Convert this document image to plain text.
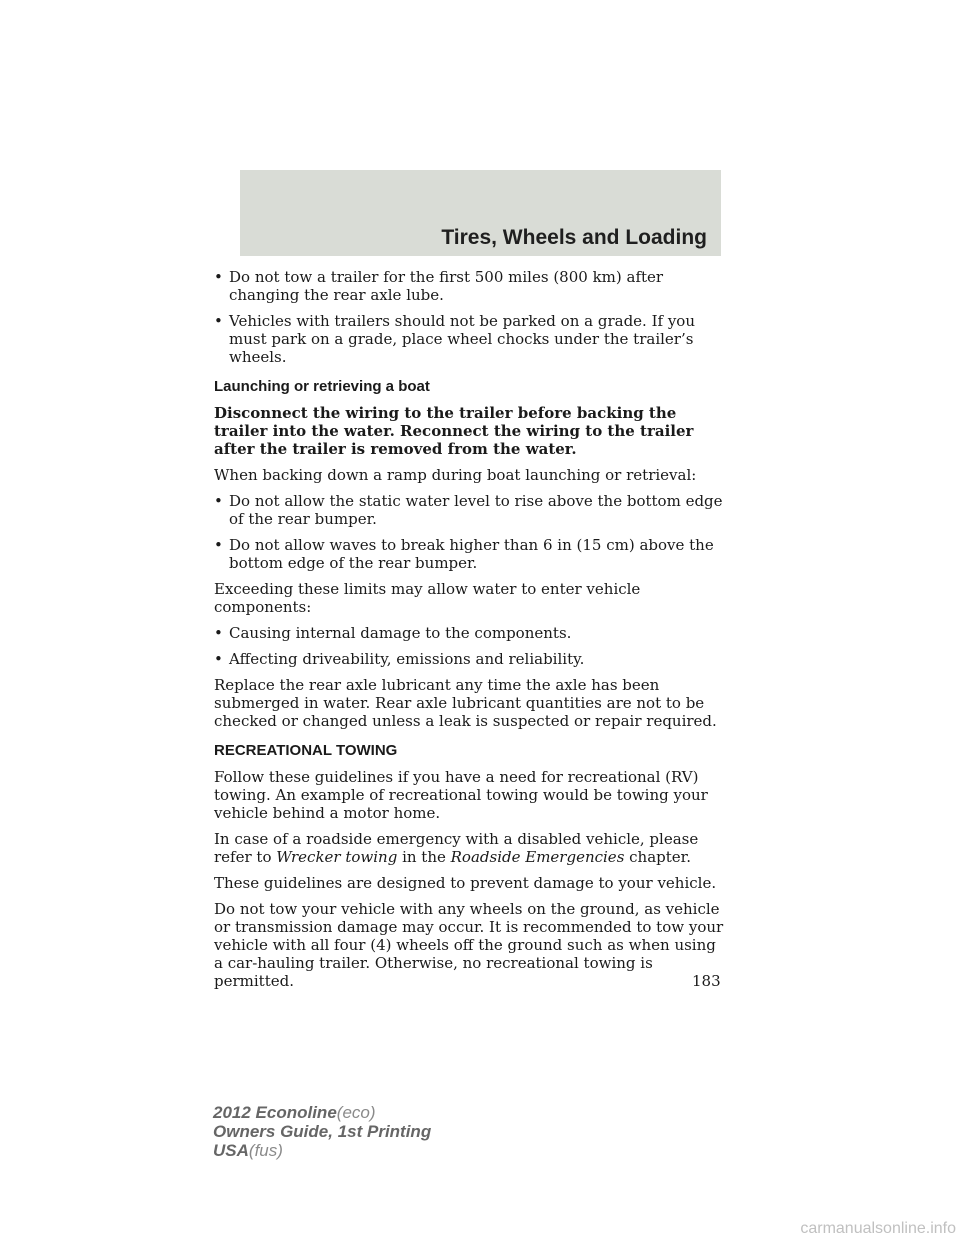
Tires, Wheels and Loading
• Do not tow a trailer for the first 500 miles (800 km) after changing the rear axle lube.
• Vehicles with trailers should not be parked on a grade. If you must park on a grade, place wheel chocks under the trailer’s wheels.
Launching or retrieving a boat

Disconnect the wiring to the trailer before backing the trailer into the water. Reconnect the wiring to the trailer after the trailer is removed from the water.

When backing down a ramp during boat launching or retrieval:

• Do not allow the static water level to rise above the bottom edge of the rear bumper.
• Do not allow waves to break higher than 6 in (15 cm) above the bottom edge of the rear bumper.

Exceeding these limits may allow water to enter vehicle components:

• Causing internal damage to the components.
• Affecting driveability, emissions and reliability.

Replace the rear axle lubricant any time the axle has been submerged in water. Rear axle lubricant quantities are not to be checked or changed unless a leak is suspected or repair required.

RECREATIONAL TOWING

Follow these guidelines if you have a need for recreational (RV) towing. An example of recreational towing would be towing your vehicle behind a motor home.

In case of a roadside emergency with a disabled vehicle, please refer to Wrecker towing in the Roadside Emergencies chapter.

These guidelines are designed to prevent damage to your vehicle.

Do not tow your vehicle with any wheels on the ground, as vehicle or transmission damage may occur. It is recommended to tow your vehicle with all four (4) wheels off the ground such as when using a car-hauling trailer. Otherwise, no recreational towing is permitted.	183
2012 Econoline(eco)
Owners Guide, 1st Printing
USA(fus)
carmanualsonline.info
